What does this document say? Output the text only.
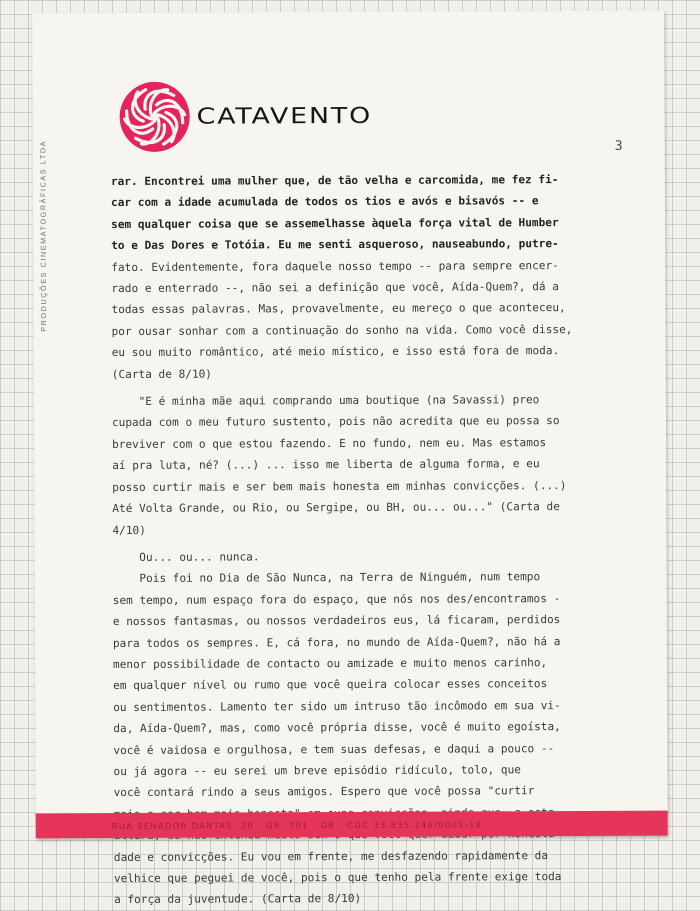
PRODUÇÕES CINEMATOGRÁFICAS LTDA
CATAVENTO
3

rar. Encontrei uma mulher que, de tão velha e carcomida, me fez fi-

car com a idade acumulada de todos os tios e avós e bisavós -- e

sem qualquer coisa que se assemelhasse àquela força vital de Humber

to e Das Dores e Totóia. Eu me senti asqueroso, nauseabundo, putre-

fato. Evidentemente, fora daquele nosso tempo -- para sempre encer-

rado e enterrado --, não sei a definição que você, Aída-Quem?, dá a

todas essas palavras. Mas, provavelmente, eu mereço o que aconteceu,

por ousar sonhar com a continuação do sonho na vida. Como você disse,

eu sou muito romântico, até meio místico, e isso está fora de moda.

(Carta de 8/10)

"E é minha mãe aqui comprando uma boutique (na Savassi) preo

cupada com o meu futuro sustento, pois não acredita que eu possa so

breviver com o que estou fazendo. E no fundo, nem eu. Mas estamos

aí pra luta, né? (...) ... isso me liberta de alguma forma, e eu

posso curtir mais e ser bem mais honesta em minhas convicções. (...)

Até Volta Grande, ou Rio, ou Sergipe, ou BH, ou... ou..." (Carta de

4/10)

Ou... ou... nunca.

Pois foi no Dia de São Nunca, na Terra de Ninguém, num tempo

sem tempo, num espaço fora do espaço, que nós nos des/encontramos -

e nossos fantasmas, ou nossos verdadeiros eus, lá ficaram, perdidos

para todos os sempres. E, cá fora, no mundo de Aída-Quem?, não há a

menor possibilidade de contacto ou amizade e muito menos carinho,

em qualquer nível ou rumo que você queira colocar esses conceitos

ou sentimentos. Lamento ter sido um intruso tão incômodo em sua vi-

da, Aída-Quem?, mas, como você própria disse, você é muito egoísta,

você é vaidosa e orgulhosa, e tem suas defesas, e daqui a pouco --

ou já agora -- eu serei um breve episódio ridículo, tolo, que

você contará rindo a seus amigos. Espero que você possa "curtir

dade e convicções. Eu vou em frente, me desfazendo rapidamente da

velhice que peguei de você, pois o que tenho pela frente exige toda

a força da juventude. (Carta de 8/10)

RUA SENADOR DANTAS, 20 · GR. 701 · GB · CGC 33.835.246/0001-18
